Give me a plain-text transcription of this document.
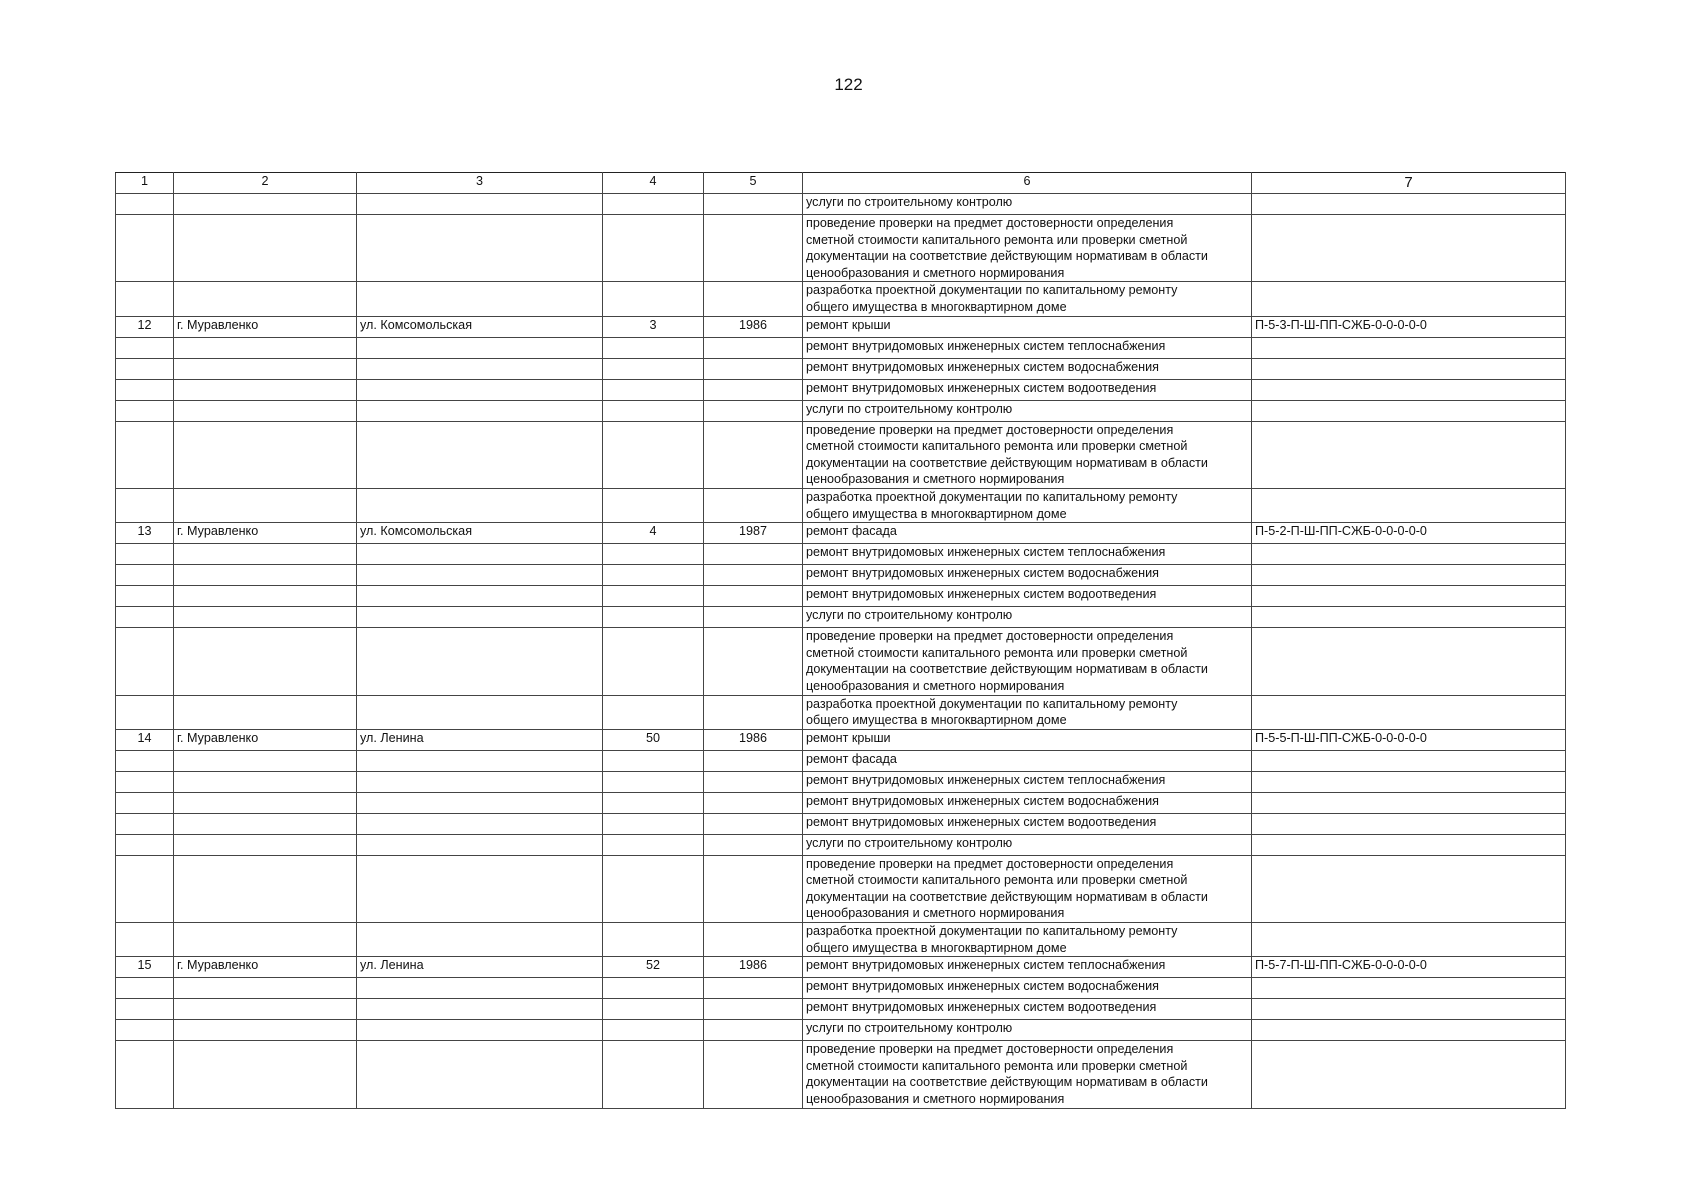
122
1	2	3	4	5	6	7
					услуги по строительному контролю	
					проведение проверки на предмет достоверности определения
сметной стоимости капитального ремонта или проверки сметной
документации на соответствие действующим нормативам в области
ценообразования и сметного нормирования	
					разработка проектной документации по капитальному ремонту
общего имущества в многоквартирном доме	
12	г. Муравленко	ул. Комсомольская	3	1986	ремонт крыши	П-5-3-П-Ш-ПП-СЖБ-0-0-0-0-0
					ремонт внутридомовых инженерных систем теплоснабжения	
					ремонт внутридомовых инженерных систем водоснабжения	
					ремонт внутридомовых инженерных систем водоотведения	
					услуги по строительному контролю	
					проведение проверки на предмет достоверности определения
сметной стоимости капитального ремонта или проверки сметной
документации на соответствие действующим нормативам в области
ценообразования и сметного нормирования	
					разработка проектной документации по капитальному ремонту
общего имущества в многоквартирном доме	
13	г. Муравленко	ул. Комсомольская	4	1987	ремонт фасада	П-5-2-П-Ш-ПП-СЖБ-0-0-0-0-0
					ремонт внутридомовых инженерных систем теплоснабжения	
					ремонт внутридомовых инженерных систем водоснабжения	
					ремонт внутридомовых инженерных систем водоотведения	
					услуги по строительному контролю	
					проведение проверки на предмет достоверности определения
сметной стоимости капитального ремонта или проверки сметной
документации на соответствие действующим нормативам в области
ценообразования и сметного нормирования	
					разработка проектной документации по капитальному ремонту
общего имущества в многоквартирном доме	
14	г. Муравленко	ул. Ленина	50	1986	ремонт крыши	П-5-5-П-Ш-ПП-СЖБ-0-0-0-0-0
					ремонт фасада	
					ремонт внутридомовых инженерных систем теплоснабжения	
					ремонт внутридомовых инженерных систем водоснабжения	
					ремонт внутридомовых инженерных систем водоотведения	
					услуги по строительному контролю	
					проведение проверки на предмет достоверности определения
сметной стоимости капитального ремонта или проверки сметной
документации на соответствие действующим нормативам в области
ценообразования и сметного нормирования	
					разработка проектной документации по капитальному ремонту
общего имущества в многоквартирном доме	
15	г. Муравленко	ул. Ленина	52	1986	ремонт внутридомовых инженерных систем теплоснабжения	П-5-7-П-Ш-ПП-СЖБ-0-0-0-0-0
					ремонт внутридомовых инженерных систем водоснабжения	
					ремонт внутридомовых инженерных систем водоотведения	
					услуги по строительному контролю	
					проведение проверки на предмет достоверности определения
сметной стоимости капитального ремонта или проверки сметной
документации на соответствие действующим нормативам в области
ценообразования и сметного нормирования	
